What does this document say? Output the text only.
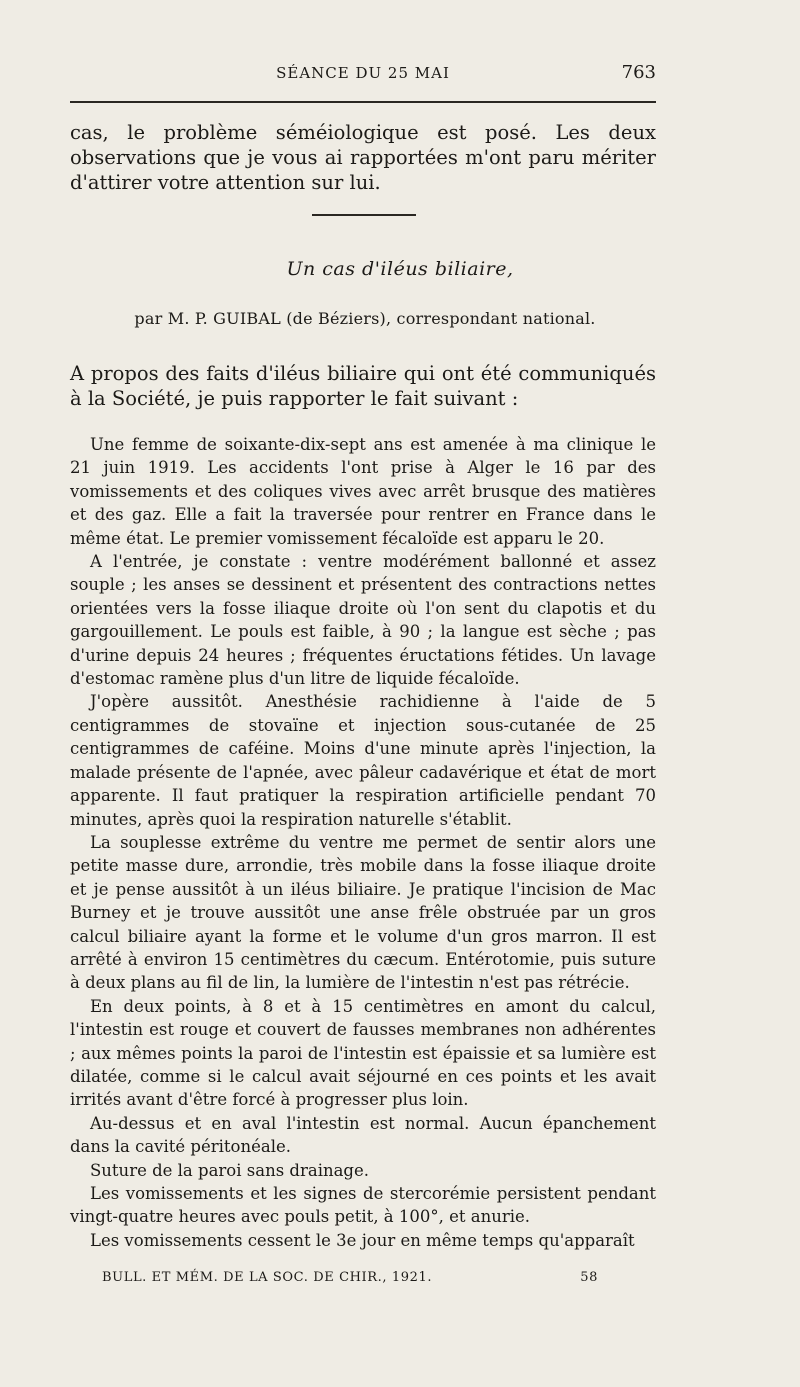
SÉANCE DU 25 MAI	763

cas, le problème séméiologique est posé. Les deux observations que je vous ai rapportées m'ont paru mériter d'attirer votre attention sur lui.

Un cas d'iléus biliaire,
par M. P. GUIBAL (de Béziers), correspondant national.

A propos des faits d'iléus biliaire qui ont été communiqués à la Société, je puis rapporter le fait suivant :

Une femme de soixante-dix-sept ans est amenée à ma clinique le 21 juin 1919. Les accidents l'ont prise à Alger le 16 par des vomissements et des coliques vives avec arrêt brusque des matières et des gaz. Elle a fait la traversée pour rentrer en France dans le même état. Le premier vomissement fécaloïde est apparu le 20.

A l'entrée, je constate : ventre modérément ballonné et assez souple ; les anses se dessinent et présentent des contractions nettes orientées vers la fosse iliaque droite où l'on sent du clapotis et du gargouillement. Le pouls est faible, à 90 ; la langue est sèche ; pas d'urine depuis 24 heures ; fréquentes éructations fétides. Un lavage d'estomac ramène plus d'un litre de liquide fécaloïde.

J'opère aussitôt. Anesthésie rachidienne à l'aide de 5 centigrammes de stovaïne et injection sous-cutanée de 25 centigrammes de caféine. Moins d'une minute après l'injection, la malade présente de l'apnée, avec pâleur cadavérique et état de mort apparente. Il faut pratiquer la respiration artificielle pendant 70 minutes, après quoi la respiration naturelle s'établit.

La souplesse extrême du ventre me permet de sentir alors une petite masse dure, arrondie, très mobile dans la fosse iliaque droite et je pense aussitôt à un iléus biliaire. Je pratique l'incision de Mac Burney et je trouve aussitôt une anse frêle obstruée par un gros calcul biliaire ayant la forme et le volume d'un gros marron. Il est arrêté à environ 15 centimètres du cæcum. Entérotomie, puis suture à deux plans au fil de lin, la lumière de l'intestin n'est pas rétrécie.

En deux points, à 8 et à 15 centimètres en amont du calcul, l'intestin est rouge et couvert de fausses membranes non adhérentes ; aux mêmes points la paroi de l'intestin est épaissie et sa lumière est dilatée, comme si le calcul avait séjourné en ces points et les avait irrités avant d'être forcé à progresser plus loin.

Au-dessus et en aval l'intestin est normal. Aucun épanchement dans la cavité péritonéale.

Suture de la paroi sans drainage.

Les vomissements et les signes de stercorémie persistent pendant vingt-quatre heures avec pouls petit, à 100°, et anurie.

Les vomissements cessent le 3e jour en même temps qu'apparaît

BULL. ET MÉM. DE LA SOC. DE CHIR., 1921.	58
